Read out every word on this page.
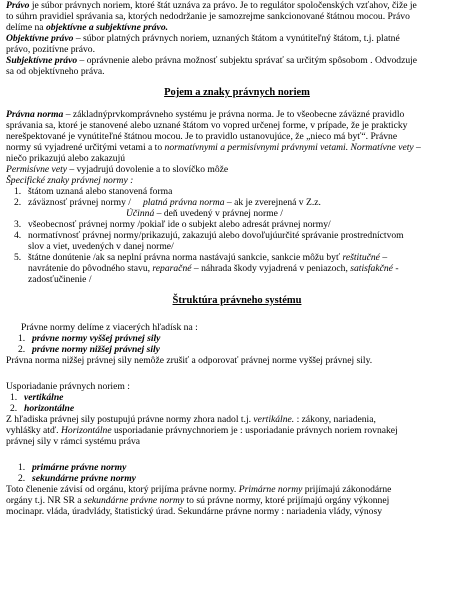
Právo je súbor právnych noriem, ktoré štát uznáva za právo. Je to regulátor spoločenských vzťahov, čiže je
to súhrn pravidiel správania sa, ktorých nedodržanie je samozrejme sankcionované štátnou mocou. Právo
delíme na objektívne a subjektívne právo.
Objektívne právo – súbor platných právnych noriem, uznaných štátom a vynútiteľný štátom, t.j. platné
právo, pozitívne právo.
Subjektívne právo – oprávnenie alebo právna možnosť subjektu správať sa určitým spôsobom . Odvodzuje
sa od objektívneho práva.
Pojem a znaky právnych noriem
Právna norma – základnýprvkomprávneho systému je právna norma. Je to všeobecne záväzné pravidlo
správania sa, ktoré je stanovené alebo uznané štátom vo vopred určenej forme, v prípade, že je prakticky
nerešpektované je vynútiteľné štátnou mocou. Je to pravidlo ustanovujúce, že „nieco má byť“. Právne
normy sú vyjadrené určitými vetami a to normatívnymi a permisívnymi právnymi vetami. Normatívne vety –
niečo prikazujú alebo zakazujú
Permisívne vety – vyjadrujú dovolenie a to slovíčko môže
Špecifické znaky právnej normy :
1. štátom uznaná alebo stanovená forma
2. záväznosť právnej normy / platná právna norma – ak je zverejnená v Z.z.
Účinná – deň uvedený v právnej norme /
3. všeobecnosť právnej normy /pokiaľ ide o subjekt alebo adresát právnej normy/
4. normatívnosť právnej normy/prikazujú, zakazujú alebo dovoľujúurčité správanie prostredníctvom
slov a viet, uvedených v danej norme/
5. štátne donútenie /ak sa neplní právna norma nastávajú sankcie, sankcie môžu byť reštitučné –
navrátenie do pôvodného stavu, reparačné – náhrada škody vyjadrená v peniazoch, satisfakčné -
zadosťučinenie /
Štruktúra právneho systému
Právne normy delíme z viacerých hľadísk na :
1. právne normy vyššej právnej sily
2. právne normy nižšej právnej sily
Právna norma nižšej právnej sily nemôže zrušiť a odporovať právnej norme vyššej právnej sily.
Usporiadanie právnych noriem :
1. vertikálne
2. horizontálne
Z hľadiska právnej sily postupujú právne normy zhora nadol t.j. vertikálne. : zákony, nariadenia,
vyhlášky atď. Horizontálne usporiadanie právnychnoriem je : usporiadanie právnych noriem rovnakej
právnej sily v rámci systému práva
1. primárne právne normy
2. sekundárne právne normy
Toto členenie závisí od orgánu, ktorý prijíma právne normy. Primárne normy prijímajú zákonodárne
orgány t.j. NR SR a sekundárne právne normy to sú právne normy, ktoré prijímajú orgány výkonnej
mocinapr. vláda, úradvlády, štatistický úrad. Sekundárne právne normy : nariadenia vlády, výnosy
